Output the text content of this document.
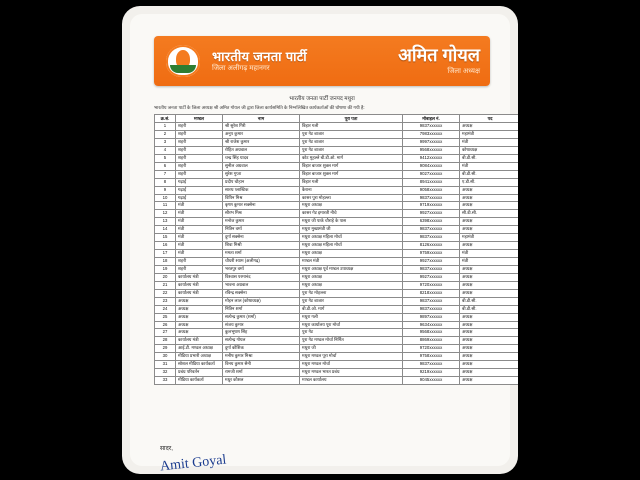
भारतीय जनता पार्टी
जिला अलीगढ़ महानगर
अमित गोयल
जिला अध्यक्ष
भारतीय जनता पार्टी जनपद मथुरा
भारतीय जनता पार्टी के जिला अध्यक्ष श्री अमित गोयल जी द्वारा जिला कार्यसमिति के निम्नलिखित कार्यकर्ताओं की घोषणा की गयी है:
क्र.सं.	मण्डल	नाम	पूरा पता	मोबाइल नं.	पद
1	शहरी	श्री सुरेश गिरी	बिहार गली	9837xxxxxx	अध्यक्ष
2	शहरी	अनूप कुमार	पुरा गेट बाजार	7983xxxxxx	महामंत्री
3	शहरी	श्री राजेश कुमार	पुरा गेट बाजार	9997xxxxxx	मंत्री
4	शहरी	रोहित अग्रवाल	पुरा गेट बाजार	9568xxxxxx	कोषाध्यक्ष
5	शहरी	चन्द्र सिंह यादव	कोट मुहल्ले बी.डी.ओ. मार्ग	9412xxxxxx	बी.डी.सी.
6	शहरी	सुनील अग्रवाल	बिहार बाजार शुक्ल मार्ग	9084xxxxxx	मंत्री
7	शहरी	सुरेश गुप्ता	बिहार बाजार शुक्ल मार्ग	9027xxxxxx	बी.डी.सी.
8	गढ़ाई	प्रदीप चौहान	बिहार गली	8941xxxxxx	ए.डी.सी.
9	गढ़ाई	सारथ प्लास्टिक	कैराना	9058xxxxxx	अध्यक्ष
10	गढ़ाई	विपिन मिश्र	कासर पुरा मोहल्ला	9837xxxxxx	अध्यक्ष
11	मंत्री	कृष्ण कुमार सक्सेना	मथुरा अध्यक्ष	9719xxxxxx	अध्यक्ष
12	मंत्री	सौरभ मिश्र	कासर गेट इमारती नीचे	9927xxxxxx	सी.डी.सी.
13	मंत्री	मनोज कुमार	मथुरा जी पार्क चौराहे के पास	6398xxxxxx	अध्यक्ष
14	मंत्री	नितिन वर्मा	मथुरा मुख्यमंत्री जी	9837xxxxxx	अध्यक्ष
15	मंत्री	दुर्गा सक्सेना	मथुरा अध्यक्ष महिला मोर्चा	9837xxxxxx	महामंत्री
16	मंत्री	शिवा मिश्री	मथुरा अध्यक्ष महिला मोर्चा	8126xxxxxx	अध्यक्ष
17	मंत्री	ममता शर्मा	मथुरा अध्यक्ष	9759xxxxxx	मंत्री
18	शहरी	चौधरी श्याम (अलीगढ़)	मण्डल मंत्री	9927xxxxxx	मंत्री
19	शहरी	भरतपुर वर्मा	मथुरा अध्यक्ष पूर्व मण्डल उपाध्यक्ष	9837xxxxxx	अध्यक्ष
20	कार्यालय मंत्री	विश्वास परमानंद	मथुरा अध्यक्ष	9927xxxxxx	अध्यक्ष
21	कार्यालय मंत्री	भावना अग्रवाल	मथुरा अध्यक्ष	9720xxxxxx	अध्यक्ष
22	कार्यालय मंत्री	रविन्द्र सक्सेना	पुरा गेट मोहल्ला	8218xxxxxx	अध्यक्ष
23	अध्यक्ष	मोहन लाल (कोषाध्यक्ष)	पुरा गेट बाजार	9837xxxxxx	बी.डी.सी.
24	अध्यक्ष	नितिन शर्मा	बी.डी.ओ. मार्ग	9837xxxxxx	बी.डी.सी.
25	अध्यक्ष	सत्येन्द्र कुमार (शर्मा)	मथुरा गली	9897xxxxxx	अध्यक्ष
26	अध्यक्ष	संजय कुमार	मथुरा कार्यालय पूरा मोर्चा	9634xxxxxx	अध्यक्ष
27	अध्यक्ष	कुलभूषण सिंह	पुरा गेट	9568xxxxxx	अध्यक्ष
28	कार्यालय मंत्री	सत्येन्द्र गोयल	पुरा गेट मण्डल मोर्चा निर्मित	8869xxxxxx	अध्यक्ष
29	आई.टी. मण्डल अध्यक्ष	दुर्गा कौशिक	मथुरा जी	9720xxxxxx	अध्यक्ष
30	मीडिया प्रभारी अध्यक्ष	मनीष कुमार मिश्रा	मथुरा मण्डल पूरा मोर्चा	9758xxxxxx	अध्यक्ष
31	सोशल मीडिया कार्यकर्ता	विनय कुमार सैनी	मथुरा मण्डल मोर्चा	9837xxxxxx	अध्यक्ष
32	प्रबंध परिवर्तन	रामजी शर्मा	मथुरा मण्डल भारत प्रबंध	9219xxxxxx	अध्यक्ष
33	मीडिया कार्यकर्ता	मधुर कौशल	मण्डल कार्यालय	9045xxxxxx	अध्यक्ष
सादर,
Amit Goyal
